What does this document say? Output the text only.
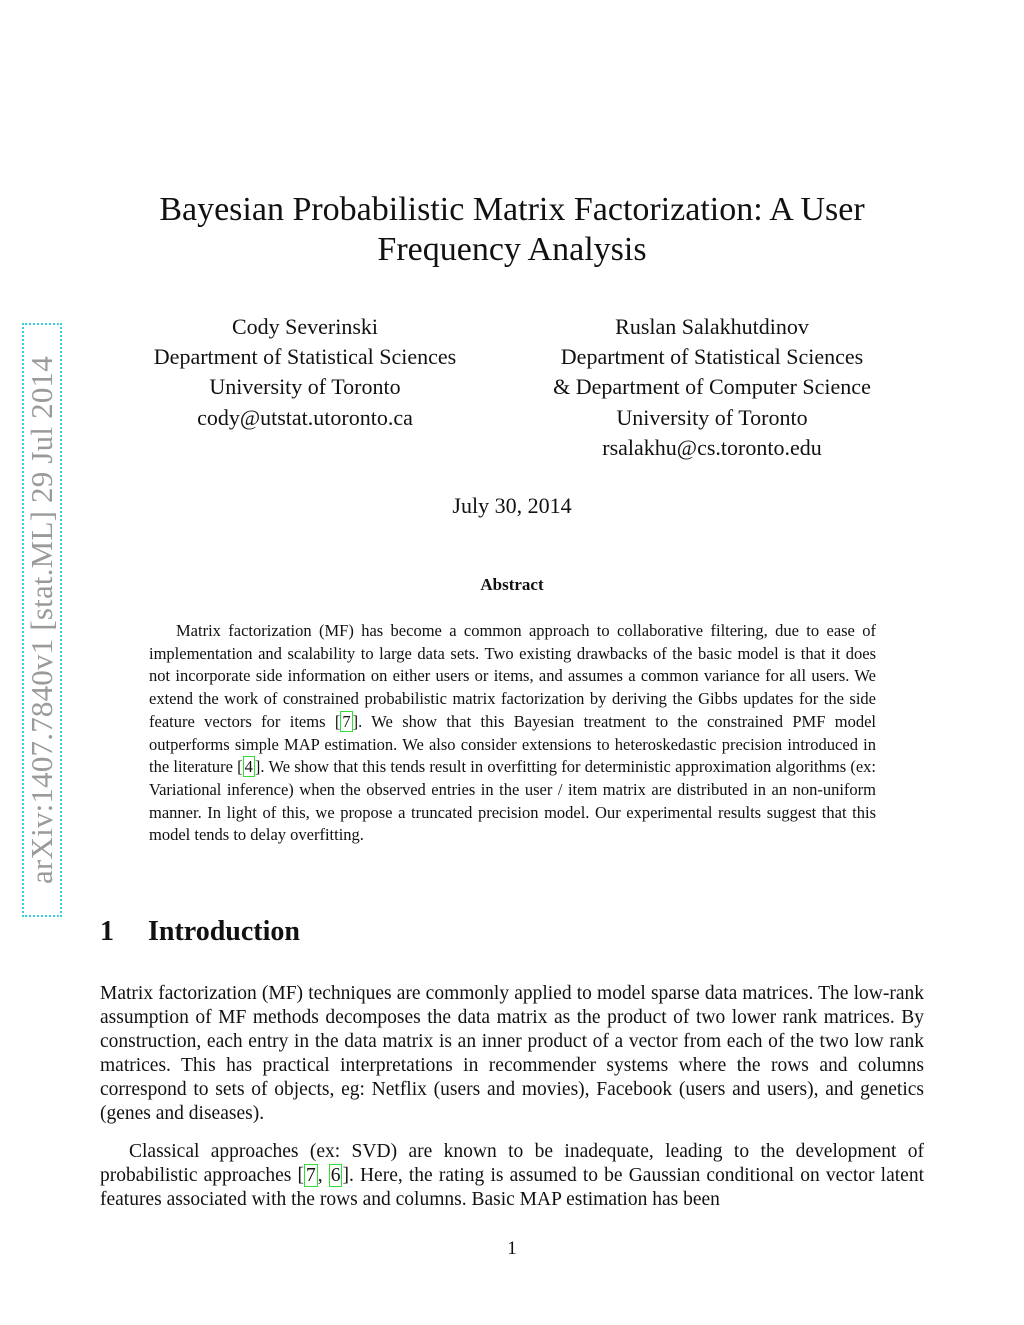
arXiv:1407.7840v1 [stat.ML] 29 Jul 2014
Bayesian Probabilistic Matrix Factorization: A User Frequency Analysis
Cody Severinski
Department of Statistical Sciences
University of Toronto
cody@utstat.utoronto.ca
Ruslan Salakhutdinov
Department of Statistical Sciences
& Department of Computer Science
University of Toronto
rsalakhu@cs.toronto.edu
July 30, 2014
Abstract

Matrix factorization (MF) has become a common approach to collaborative filtering, due to ease of implementation and scalability to large data sets. Two existing drawbacks of the basic model is that it does not incorporate side information on either users or items, and assumes a common variance for all users. We extend the work of constrained probabilistic matrix factorization by deriving the Gibbs updates for the side feature vectors for items [ 7 ]. We show that this Bayesian treatment to the constrained PMF model outperforms simple MAP estimation. We also consider extensions to heteroskedastic precision introduced in the literature [ 4 ]. We show that this tends result in overfitting for deterministic approximation algorithms (ex: Variational inference) when the observed entries in the user / item matrix are distributed in an non-uniform manner. In light of this, we propose a truncated precision model. Our experimental results suggest that this model tends to delay overfitting.

1 Introduction

Matrix factorization (MF) techniques are commonly applied to model sparse data matrices. The low-rank assumption of MF methods decomposes the data matrix as the product of two lower rank matrices. By construction, each entry in the data matrix is an inner product of a vector from each of the two low rank matrices. This has practical interpretations in recommender systems where the rows and columns correspond to sets of objects, eg: Netflix (users and movies), Facebook (users and users), and genetics (genes and diseases).

Classical approaches (ex: SVD) are known to be inadequate, leading to the development of probabilistic approaches [ 7 , 6 ]. Here, the rating is assumed to be Gaussian conditional on vector latent features associated with the rows and columns. Basic MAP estimation has been

1
